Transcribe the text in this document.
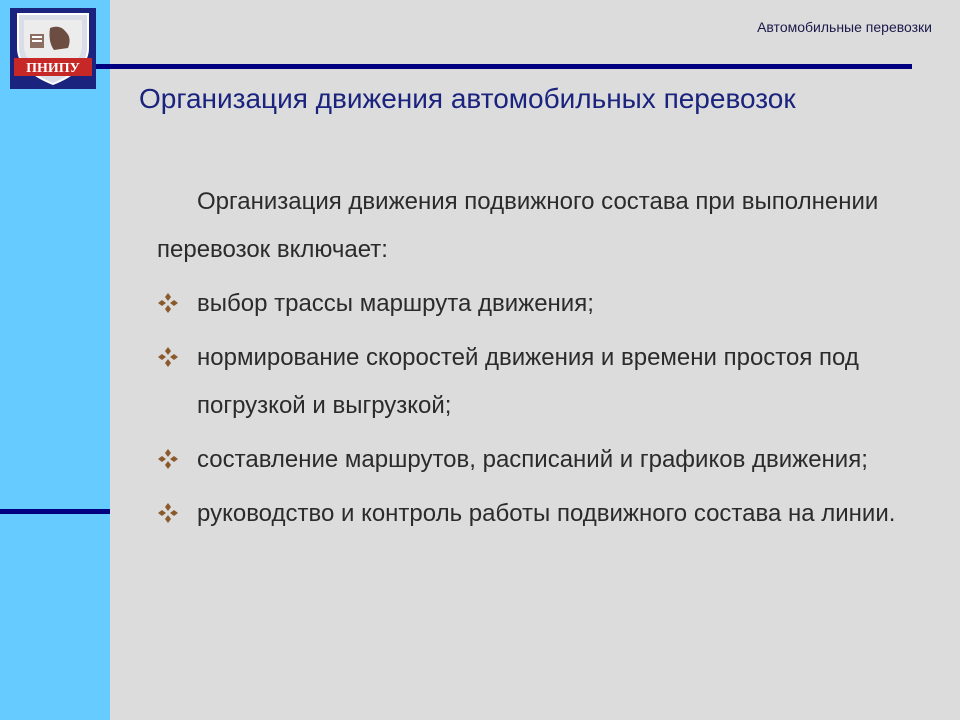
ПНИПУ
Автомобильные перевозки
Организация движения автомобильных перевозок

Организация движения подвижного состава при выполнении перевозок включает:

выбор трассы маршрута движения;
нормирование скоростей движения и времени простоя под погрузкой и выгрузкой;
составление маршрутов, расписаний и графиков движения;
руководство и контроль работы подвижного состава на линии.
